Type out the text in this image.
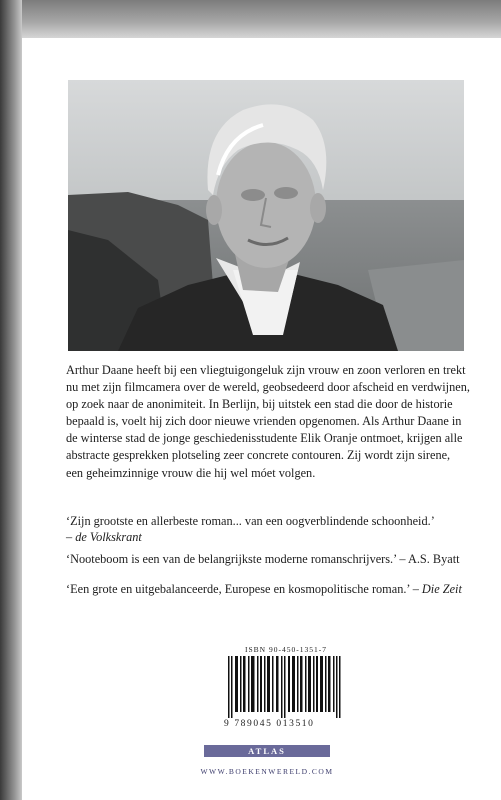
Arthur Daane heeft bij een vliegtuigongeluk zijn vrouw en zoon verloren en trekt nu met zijn filmcamera over de wereld, geobsedeerd door afscheid en verdwijnen, op zoek naar de anonimiteit. In Berlijn, bij uitstek een stad die door de historie bepaald is, voelt hij zich door nieuwe vrienden opgenomen. Als Arthur Daane in de winterse stad de jonge geschiedenisstudente Elik Oranje ontmoet, krijgen alle abstracte gesprekken plotseling zeer concrete contouren. Zij wordt zijn sirene, een geheimzinnige vrouw die hij wel móet volgen.

‘Zijn grootste en allerbeste roman... van een oogverblindende schoonheid.’
– de Volkskrant
‘Nooteboom is een van de belangrijkste moderne romanschrijvers.’ – A.S. Byatt
‘Een grote en uitgebalanceerde, Europese en kosmopolitische roman.’ – Die Zeit
ISBN 90-450-1351-7
9 789045 013510
ATLAS
WWW.BOEKENWERELD.COM
